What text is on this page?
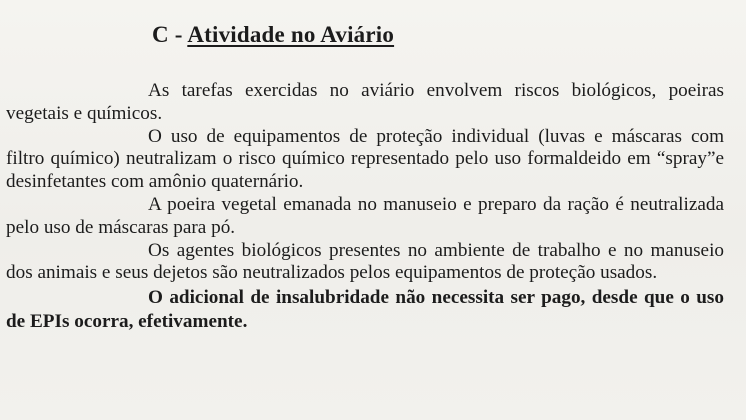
C - Atividade no Aviário

As tarefas exercidas no aviário envolvem riscos biológicos, poeiras vegetais e químicos.

O uso de equipamentos de proteção individual (luvas e máscaras com filtro químico) neutralizam o risco químico representado pelo uso formaldeido em “spray”e desinfetantes com amônio quaternário.

A poeira vegetal emanada no manuseio e preparo da ração é neutralizada pelo uso de máscaras para pó.

Os agentes biológicos presentes no ambiente de trabalho e no manuseio dos animais e seus dejetos são neutralizados pelos equipamentos de proteção usados.

O adicional de insalubridade não necessita ser pago, desde que o uso de EPIs ocorra, efetivamente.
